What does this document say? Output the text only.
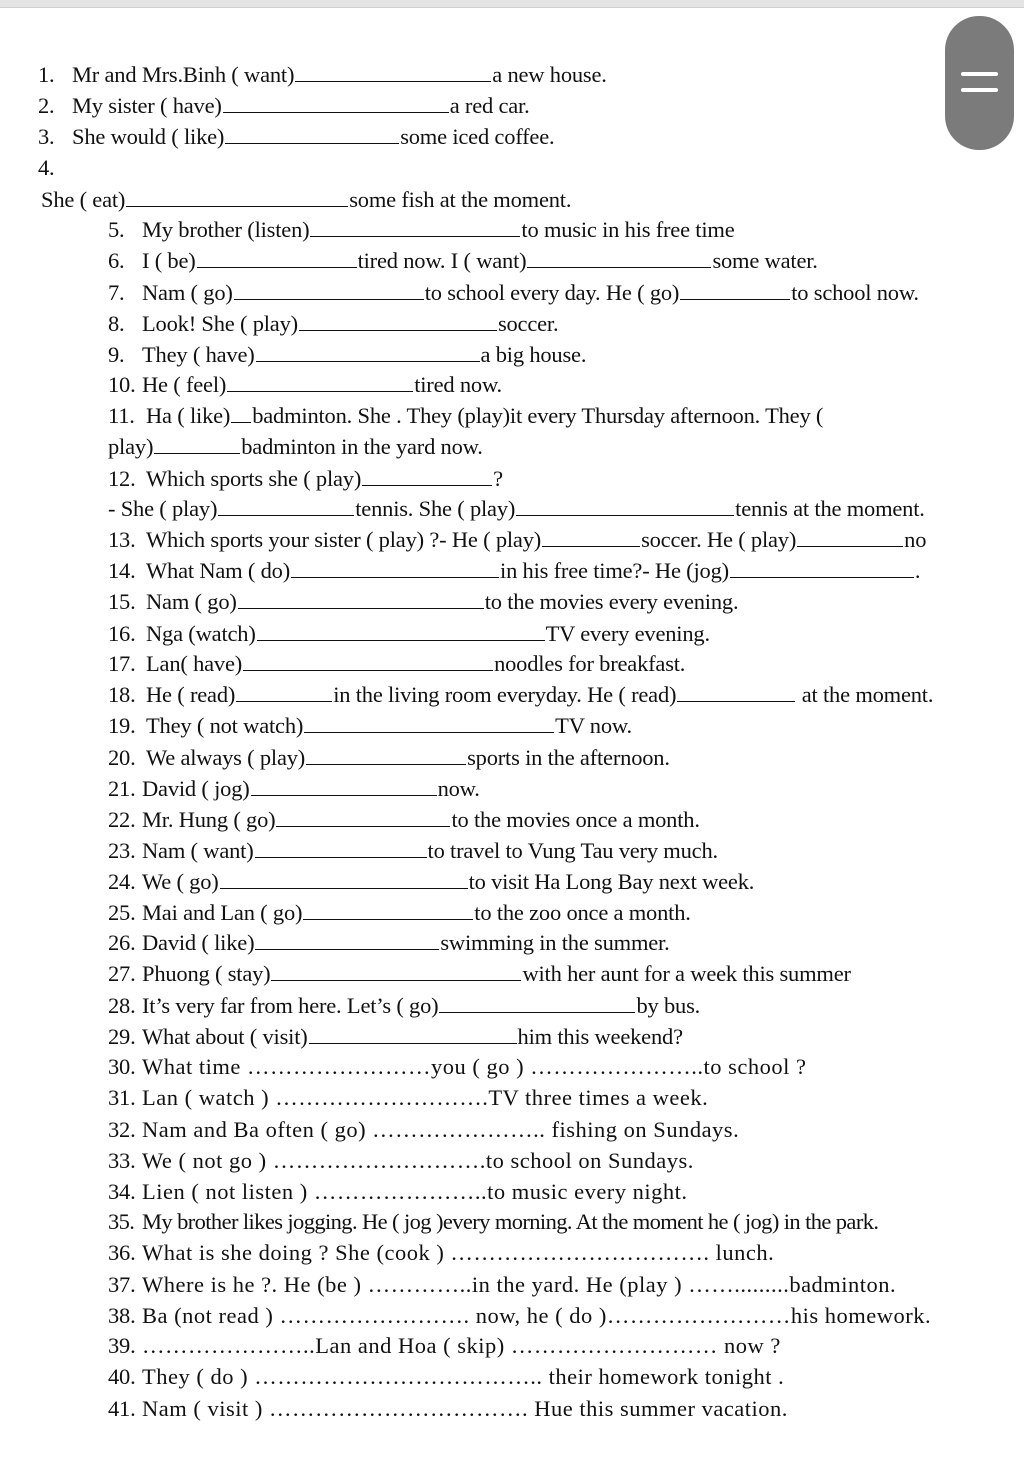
1. Mr and Mrs.Binh ( want)	a new house.
2. My sister ( have)	a red car.
3. She would ( like)	some iced coffee.
4.
She ( eat)	some fish at the moment.
5. My brother (listen)	to music in his free time
6. I ( be)	tired now. I ( want)	some water.
7. Nam ( go)	to school every day. He ( go)	to school now.
8. Look! She ( play)	soccer.
9. They ( have)	a big house.
10. He ( feel)	tired now.
11. Ha ( like) badminton. She . They (play)it every Thursday afternoon. They (
play)	badminton in the yard now.
12. Which sports she ( play)	?
- She ( play)	tennis. She ( play)	tennis at the moment.
13. Which sports your sister ( play) ?- He ( play)	soccer. He ( play)	no
14. What Nam ( do)	in his free time?- He (jog)	.
15. Nam ( go)	to the movies every evening.
16. Nga (watch)	TV every evening.
17. Lan( have)	noodles for breakfast.
18. He ( read)	in the living room everyday. He ( read)	at the moment.
19. They ( not watch)	TV now.
20. We always ( play)	sports in the afternoon.
21. David ( jog)	now.
22. Mr. Hung ( go)	to the movies once a month.
23. Nam ( want)	to travel to Vung Tau very much.
24. We ( go)	to visit Ha Long Bay next week.
25. Mai and Lan ( go)	to the zoo once a month.
26. David ( like)	swimming in the summer.
27. Phuong ( stay)	with her aunt for a week this summer
28. It’s very far from here. Let’s ( go)	by bus.
29. What about ( visit)	him this weekend?
30. What time ……………………you ( go ) …………………..to school ?
31. Lan ( watch ) ……………………….TV three times a week.
32. Nam and Ba often ( go) ………………….. fishing on Sundays.
33. We ( not go ) ……………………….to school on Sundays.
34. Lien ( not listen ) …………………..to music every night.
35. My brother likes jogging. He ( jog )every morning. At the moment he ( jog) in the park.
36. What is she doing ? She (cook ) ……………………………. lunch.
37. Where is he ?. He (be ) …………..in the yard. He (play ) …….........badminton.
38. Ba (not read ) ……………………. now, he ( do )……………………his homework.
39. …………………..Lan and Hoa ( skip) ……………………… now ?
40. They ( do ) ……………………………….. their homework tonight .
41. Nam ( visit ) ……………………………. Hue this summer vacation.
